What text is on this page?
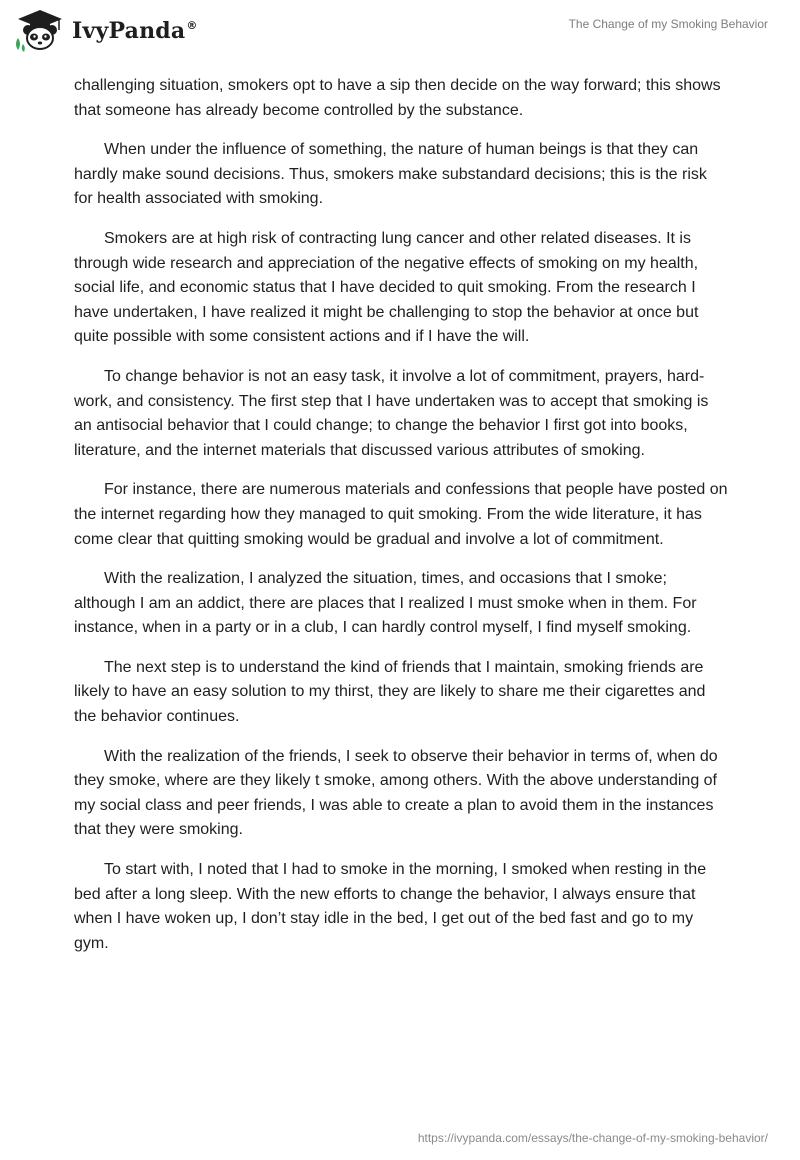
IvyPanda®	The Change of my Smoking Behavior

challenging situation, smokers opt to have a sip then decide on the way forward; this shows that someone has already become controlled by the substance.

When under the influence of something, the nature of human beings is that they can hardly make sound decisions. Thus, smokers make substandard decisions; this is the risk for health associated with smoking.

Smokers are at high risk of contracting lung cancer and other related diseases. It is through wide research and appreciation of the negative effects of smoking on my health, social life, and economic status that I have decided to quit smoking. From the research I have undertaken, I have realized it might be challenging to stop the behavior at once but quite possible with some consistent actions and if I have the will.

To change behavior is not an easy task, it involve a lot of commitment, prayers, hard-work, and consistency. The first step that I have undertaken was to accept that smoking is an antisocial behavior that I could change; to change the behavior I first got into books, literature, and the internet materials that discussed various attributes of smoking.

For instance, there are numerous materials and confessions that people have posted on the internet regarding how they managed to quit smoking. From the wide literature, it has come clear that quitting smoking would be gradual and involve a lot of commitment.

With the realization, I analyzed the situation, times, and occasions that I smoke; although I am an addict, there are places that I realized I must smoke when in them. For instance, when in a party or in a club, I can hardly control myself, I find myself smoking.

The next step is to understand the kind of friends that I maintain, smoking friends are likely to have an easy solution to my thirst, they are likely to share me their cigarettes and the behavior continues.

With the realization of the friends, I seek to observe their behavior in terms of, when do they smoke, where are they likely t smoke, among others. With the above understanding of my social class and peer friends, I was able to create a plan to avoid them in the instances that they were smoking.

To start with, I noted that I had to smoke in the morning, I smoked when resting in the bed after a long sleep. With the new efforts to change the behavior, I always ensure that when I have woken up, I don’t stay idle in the bed, I get out of the bed fast and go to my gym.

https://ivypanda.com/essays/the-change-of-my-smoking-behavior/
